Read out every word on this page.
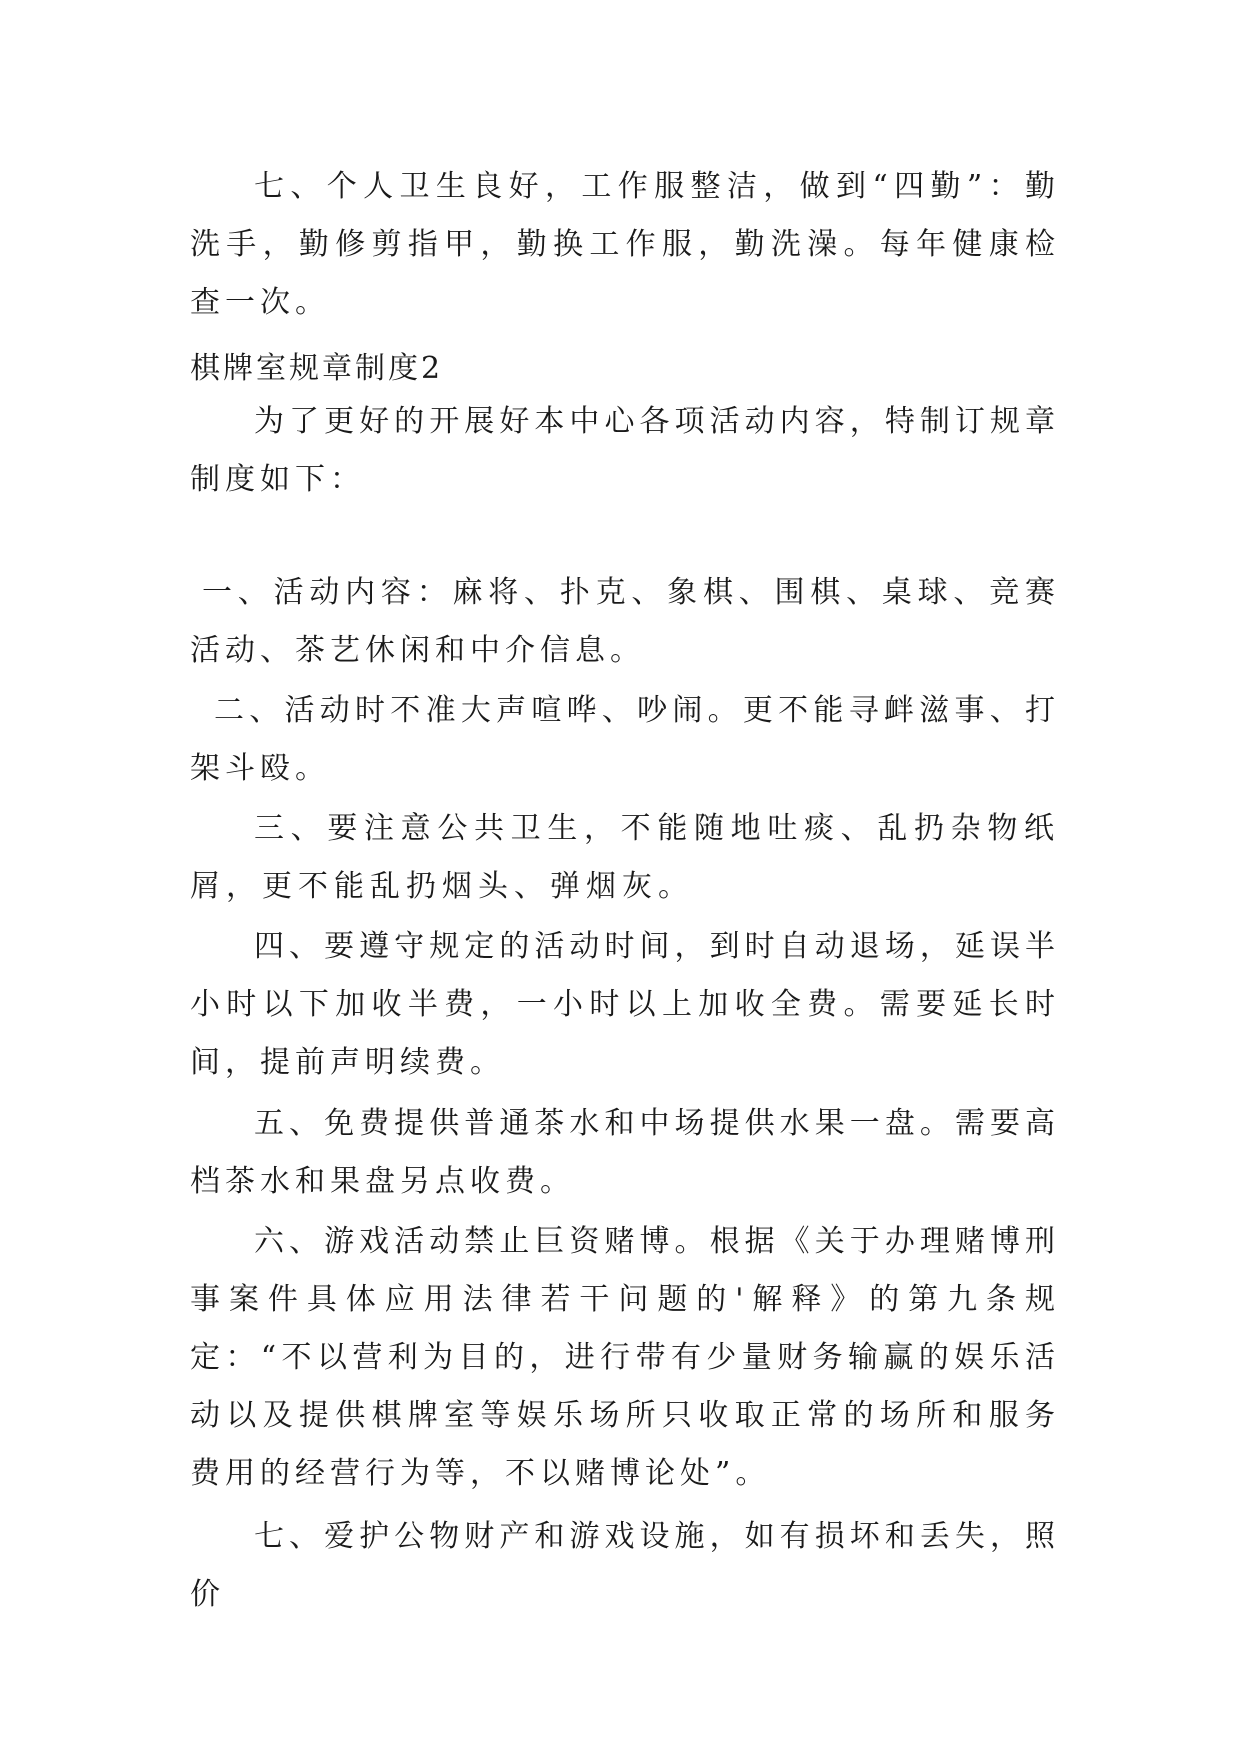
七、个人卫生良好，工作服整洁，做到“四勤”：勤洗手，勤修剪指甲，勤换工作服，勤洗澡。每年健康检查一次。

棋牌室规章制度2

为了更好的开展好本中心各项活动内容，特制订规章制度如下：

一、活动内容：麻将、扑克、象棋、围棋、桌球、竞赛活动、茶艺休闲和中介信息。

二、活动时不准大声喧哗、吵闹。更不能寻衅滋事、打架斗殴。

三、要注意公共卫生，不能随地吐痰、乱扔杂物纸屑，更不能乱扔烟头、弹烟灰。

四、要遵守规定的活动时间，到时自动退场，延误半小时以下加收半费，一小时以上加收全费。需要延长时间，提前声明续费。

五、免费提供普通茶水和中场提供水果一盘。需要高档茶水和果盘另点收费。

六、游戏活动禁止巨资赌博。根据《关于办理赌博刑事案件具体应用法律若干问题的'解释》的第九条规定：“不以营利为目的，进行带有少量财务输赢的娱乐活动以及提供棋牌室等娱乐场所只收取正常的场所和服务费用的经营行为等，不以赌博论处”。

七、爱护公物财产和游戏设施，如有损坏和丢失，照价
